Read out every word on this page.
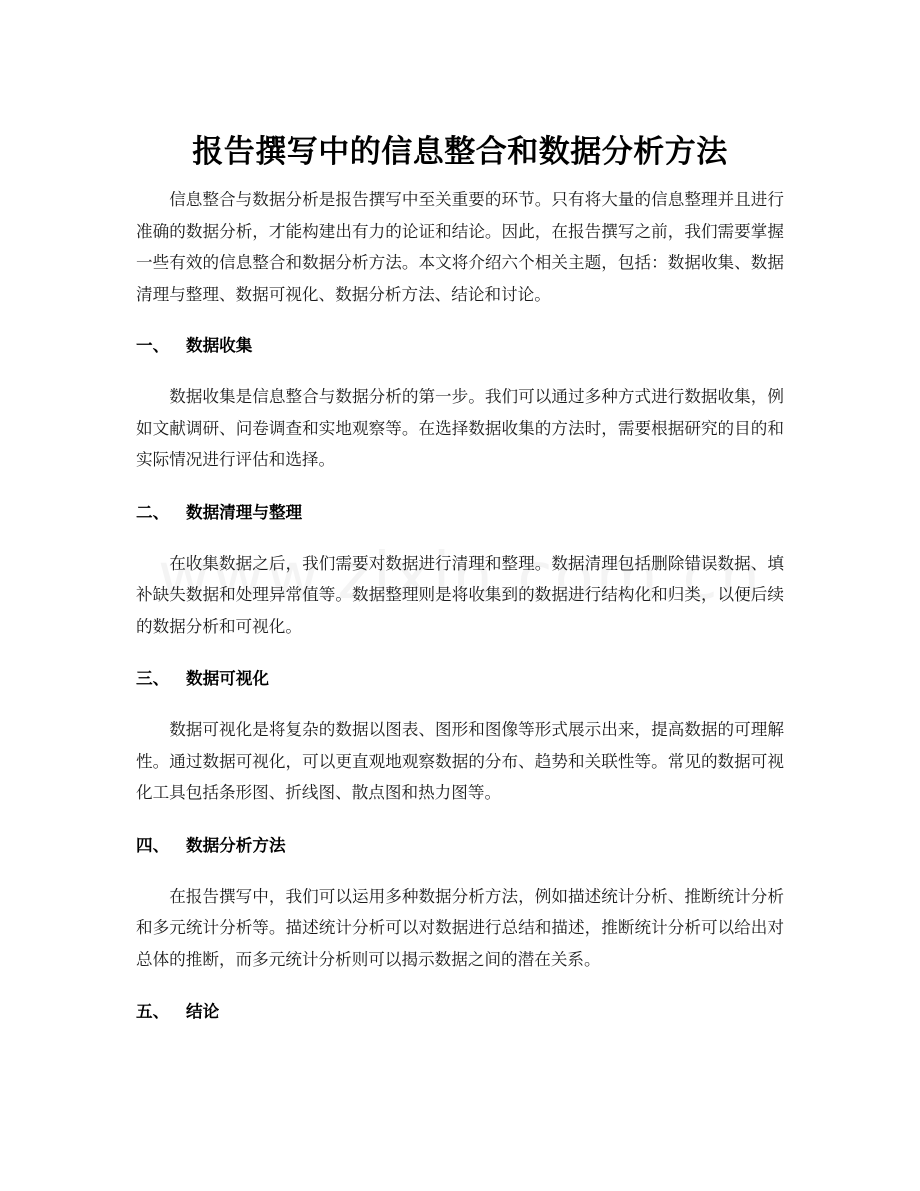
报告撰写中的信息整合和数据分析方法

信息整合与数据分析是报告撰写中至关重要的环节。只有将大量的信息整理并且进行准确的数据分析，才能构建出有力的论证和结论。因此，在报告撰写之前，我们需要掌握一些有效的信息整合和数据分析方法。本文将介绍六个相关主题，包括：数据收集、数据清理与整理、数据可视化、数据分析方法、结论和讨论。

一、	数据收集

数据收集是信息整合与数据分析的第一步。我们可以通过多种方式进行数据收集，例如文献调研、问卷调查和实地观察等。在选择数据收集的方法时，需要根据研究的目的和实际情况进行评估和选择。

二、	数据清理与整理

在收集数据之后，我们需要对数据进行清理和整理。数据清理包括删除错误数据、填补缺失数据和处理异常值等。数据整理则是将收集到的数据进行结构化和归类，以便后续的数据分析和可视化。

三、	数据可视化

数据可视化是将复杂的数据以图表、图形和图像等形式展示出来，提高数据的可理解性。通过数据可视化，可以更直观地观察数据的分布、趋势和关联性等。常见的数据可视化工具包括条形图、折线图、散点图和热力图等。

四、	数据分析方法

在报告撰写中，我们可以运用多种数据分析方法，例如描述统计分析、推断统计分析和多元统计分析等。描述统计分析可以对数据进行总结和描述，推断统计分析可以给出对总体的推断，而多元统计分析则可以揭示数据之间的潜在关系。

五、	结论
